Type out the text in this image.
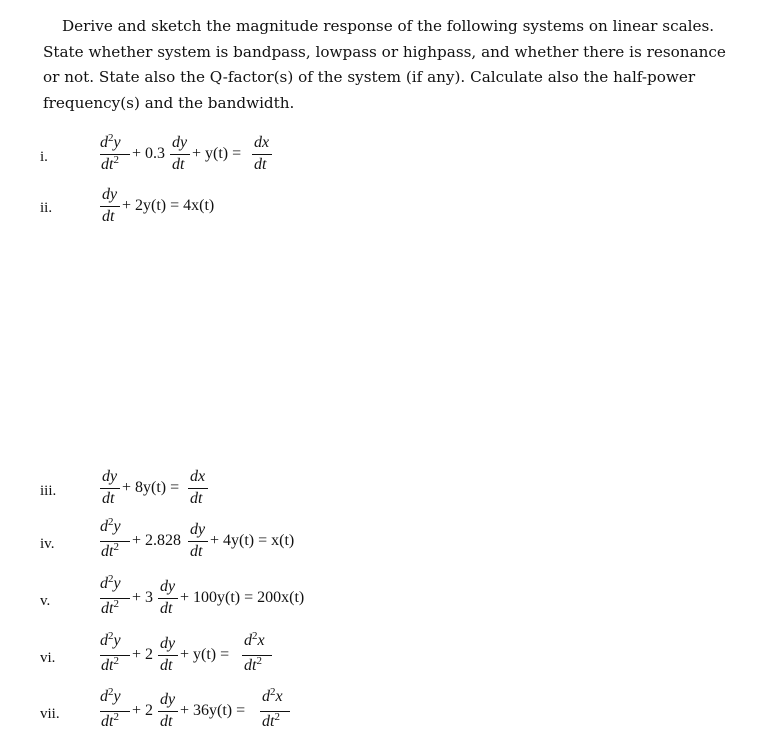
Derive and sketch the magnitude response of the following systems on linear scales. State whether system is bandpass, lowpass or highpass, and whether there is resonance or not. State also the Q-factor(s) of the system (if any). Calculate also the half-power frequency(s) and the bandwidth.

i.
$d^2y$
$dt^2 + 0.3$
dy
dt
+ y(t) =
dx
dt
ii.
dy
dt
+ 2y(t) = 4x(t)
iii.
dy
dt
+ 8y(t) =
dx
dt
iv.
$d^2y$
$dt^2 + 2.828$
dy
dt
+ 4y(t) = x(t)
v.
$d^2y$
$dt^2 + 3$
dy
dt
+ 100y(t) = 200x(t)
vi.
$d^2y$
$dt^2 + 2$
dy
dt
+ y(t) =
$d^2x$
$dt^2$
vii.
$d^2y$
$dt^2 + 2$
dy
dt
+ 36y(t) =
$d^2x$
$dt^2$
